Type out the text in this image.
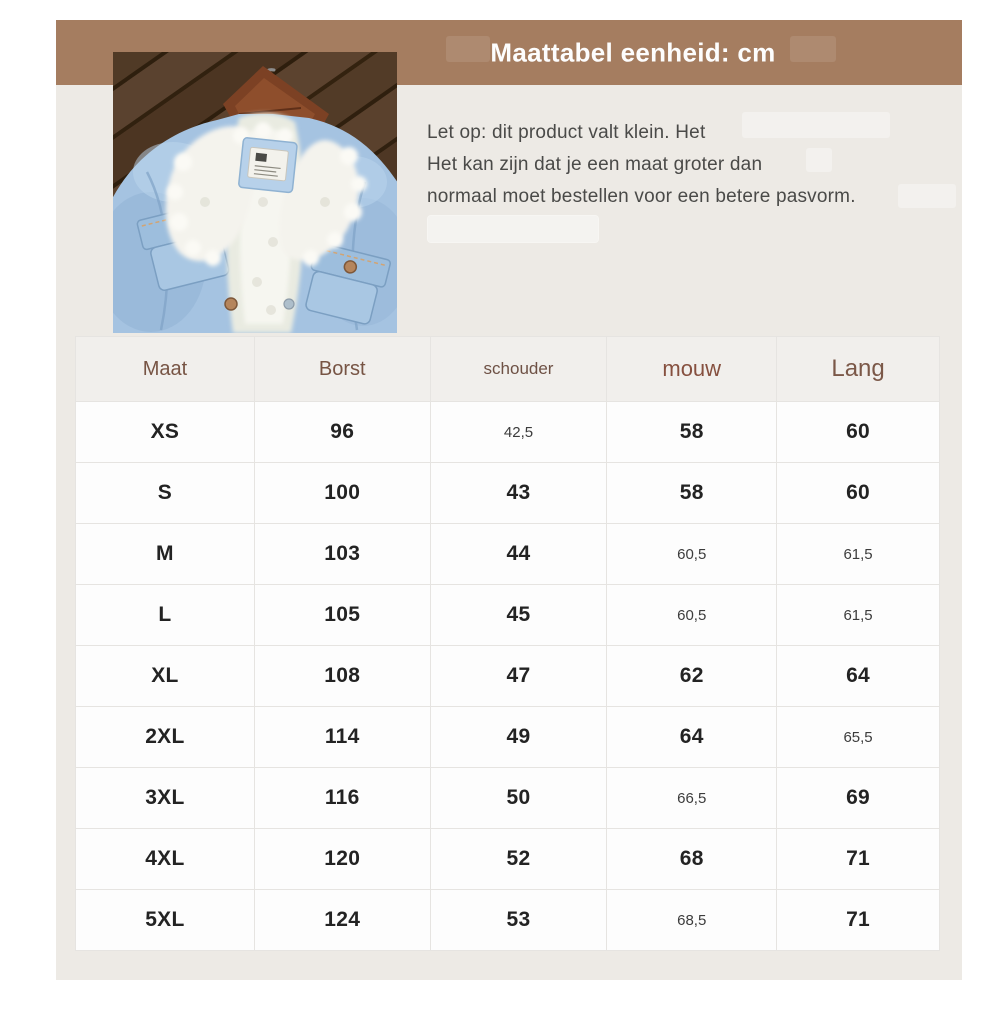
Maattabel eenheid: cm
Let op: dit product valt klein. Het
Het kan zijn dat je een maat groter dan
normaal moet bestellen voor een betere pasvorm.
Maat	Borst	schouder	mouw	Lang
XS	96	42,5	58	60
S	100	43	58	60
M	103	44	60,5	61,5
L	105	45	60,5	61,5
XL	108	47	62	64
2XL	114	49	64	65,5
3XL	116	50	66,5	69
4XL	120	52	68	71
5XL	124	53	68,5	71
